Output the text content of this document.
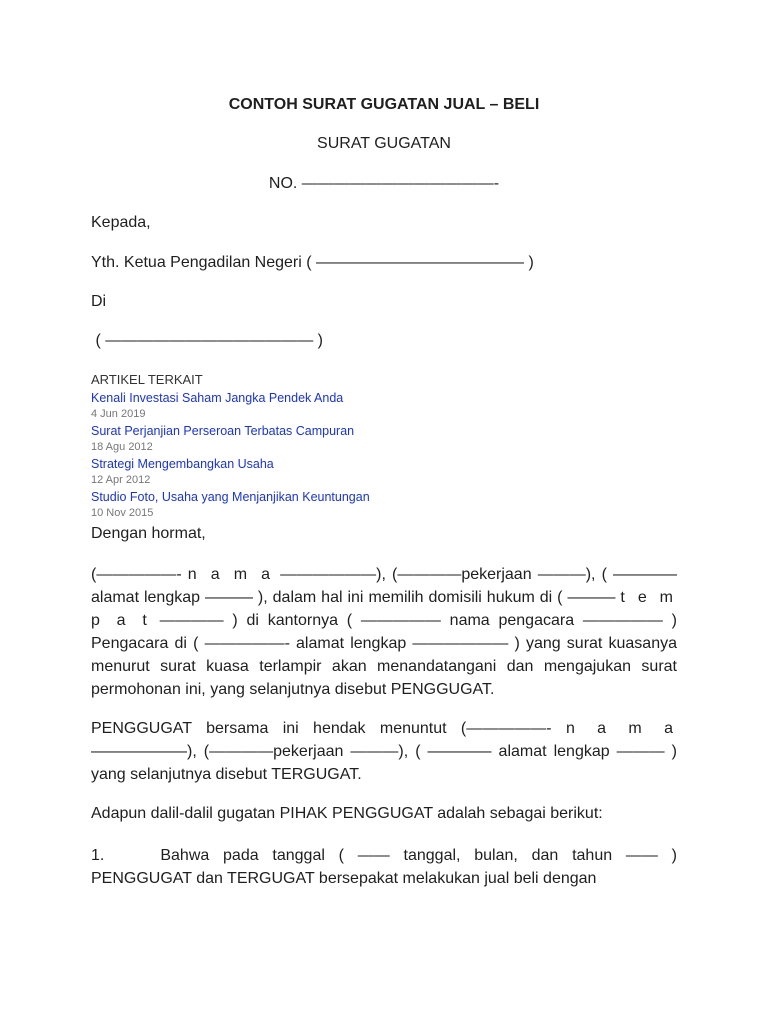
CONTOH SURAT GUGATAN JUAL – BELI
SURAT GUGATAN
NO. ————————————-
Kepada,
Yth. Ketua Pengadilan Negeri ( ————————————— )
Di
( ————————————— )
ARTIKEL TERKAIT
Kenali Investasi Saham Jangka Pendek Anda
4 Jun 2019
Surat Perjanjian Perseroan Terbatas Campuran
18 Agu 2012
Strategi Mengembangkan Usaha
12 Apr 2012
Studio Foto, Usaha yang Menjanjikan Keuntungan
10 Nov 2015
Dengan hormat,
(—————- n a m a ——————), (————pekerjaan ———), ( ———— alamat lengkap ——— ), dalam hal ini memilih domisili hukum di ( ——— t e m p a t ———— ) di kantornya ( ————— nama pengacara ————— ) Pengacara di ( —————- alamat lengkap —————— ) yang surat kuasanya menurut surat kuasa terlampir akan menandatangani dan mengajukan surat permohonan ini, yang selanjutnya disebut PENGGUGAT.
PENGGUGAT bersama ini hendak menuntut (—————- n a m a ——————), (————pekerjaan ———), ( ———— alamat lengkap ——— ) yang selanjutnya disebut TERGUGAT.
Adapun dalil-dalil gugatan PIHAK PENGGUGAT adalah sebagai berikut:
1.	Bahwa pada tanggal ( —— tanggal, bulan, dan tahun —— ) PENGGUGAT dan TERGUGAT bersepakat melakukan jual beli dengan
